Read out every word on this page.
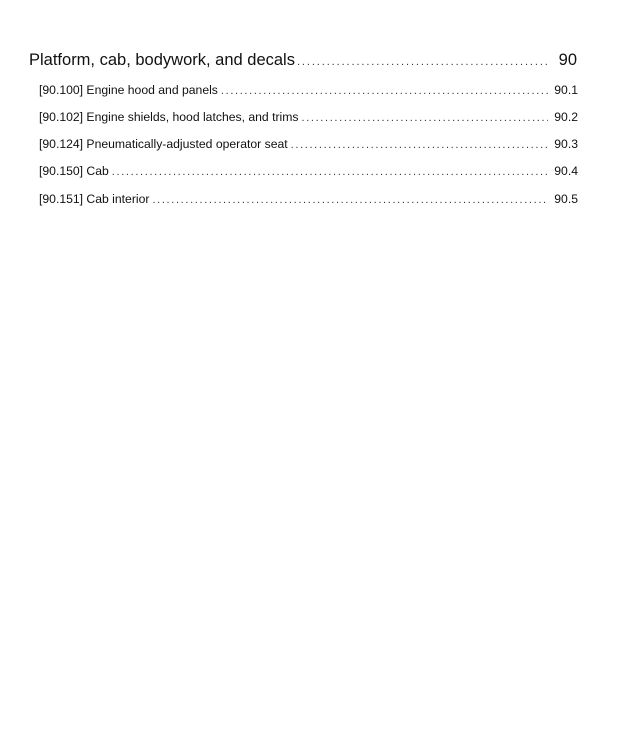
Platform, cab, bodywork, and decals .....	90
[90.100] Engine hood and panels .....	90.1
[90.102] Engine shields, hood latches, and trims .....	90.2
[90.124] Pneumatically-adjusted operator seat .....	90.3
[90.150] Cab .....	90.4
[90.151] Cab interior .....	90.5
